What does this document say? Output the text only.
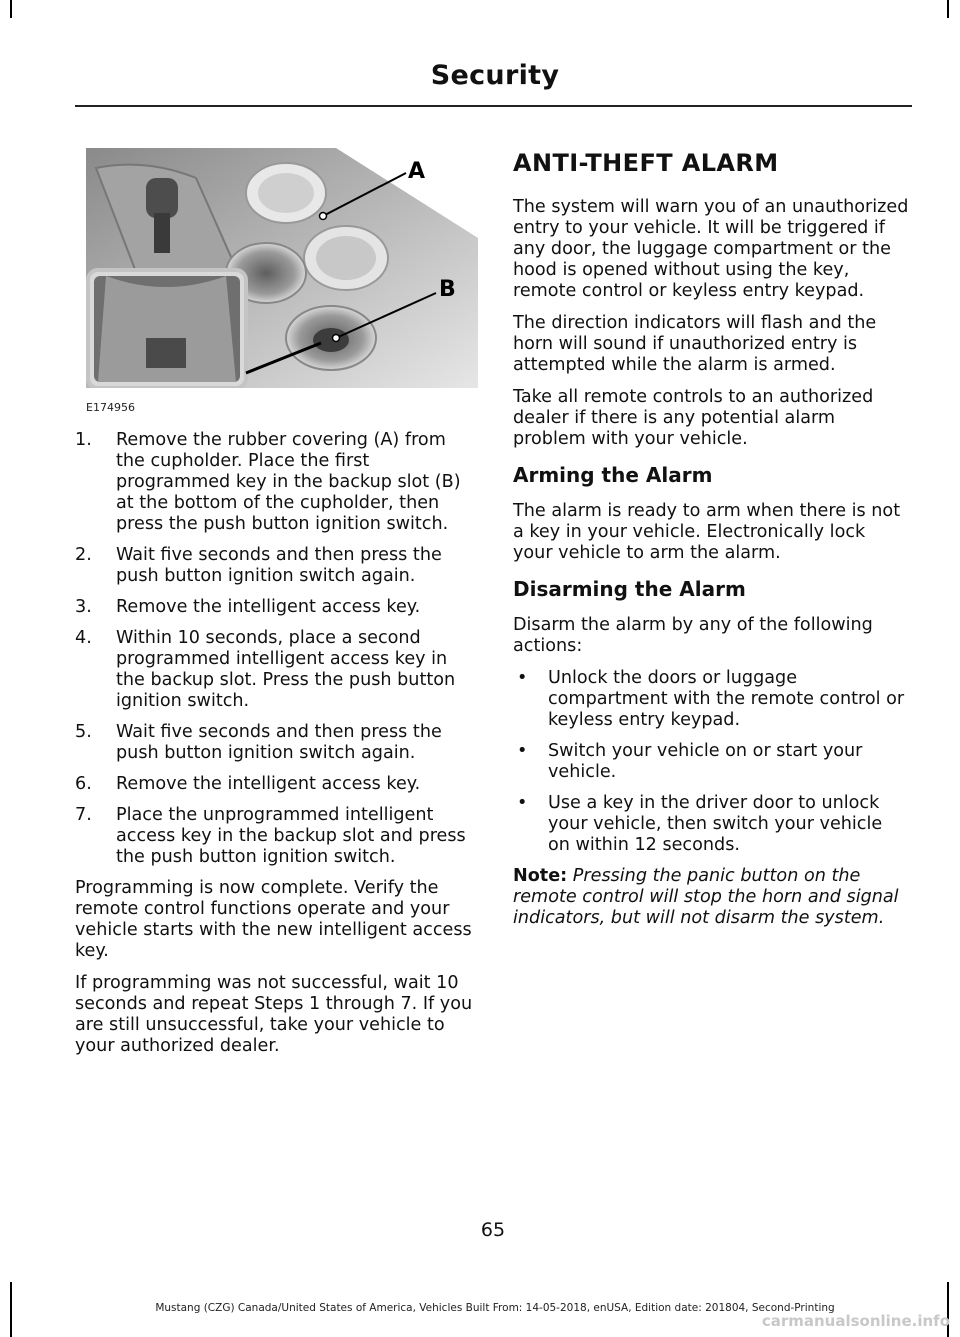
Security
A
B
E174956
1. Remove the rubber covering (A) from the cupholder. Place the first programmed key in the backup slot (B) at the bottom of the cupholder, then press the push button ignition switch.
2. Wait five seconds and then press the push button ignition switch again.
3. Remove the intelligent access key.
4. Within 10 seconds, place a second programmed intelligent access key in the backup slot. Press the push button ignition switch.
5. Wait five seconds and then press the push button ignition switch again.
6. Remove the intelligent access key.
7. Place the unprogrammed intelligent access key in the backup slot and press the push button ignition switch.

Programming is now complete. Verify the remote control functions operate and your vehicle starts with the new intelligent access key.

If programming was not successful, wait 10 seconds and repeat Steps 1 through 7. If you are still unsuccessful, take your vehicle to your authorized dealer.

ANTI-THEFT ALARM

The system will warn you of an unauthorized entry to your vehicle. It will be triggered if any door, the luggage compartment or the hood is opened without using the key, remote control or keyless entry keypad.

The direction indicators will flash and the horn will sound if unauthorized entry is attempted while the alarm is armed.

Take all remote controls to an authorized dealer if there is any potential alarm problem with your vehicle.

Arming the Alarm

The alarm is ready to arm when there is not a key in your vehicle. Electronically lock your vehicle to arm the alarm.

Disarming the Alarm

Disarm the alarm by any of the following actions:

• Unlock the doors or luggage compartment with the remote control or keyless entry keypad.
• Switch your vehicle on or start your vehicle.
• Use a key in the driver door to unlock your vehicle, then switch your vehicle on within 12 seconds.

Note: Pressing the panic button on the remote control will stop the horn and signal indicators, but will not disarm the system.

65
Mustang (CZG) Canada/United States of America, Vehicles Built From: 14-05-2018, enUSA, Edition date: 201804, Second-Printing
carmanualsonline.info
